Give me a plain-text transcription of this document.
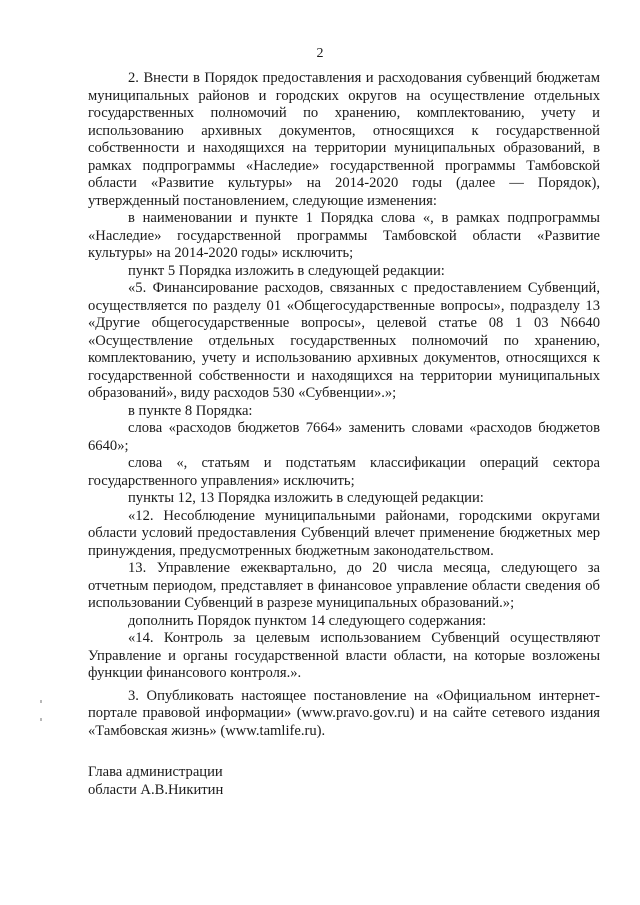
2

2. Внести в Порядок предоставления и расходования субвенций бюджетам муниципальных районов и городских округов на осуществление отдельных государственных полномочий по хранению, комплектованию, учету и использованию архивных документов, относящихся к государственной собственности и находящихся на территории муниципальных образований, в рамках подпрограммы «Наследие» государственной программы Тамбовской области «Развитие культуры» на 2014-2020 годы (далее — Порядок), утвержденный постановлением, следующие изменения:

в наименовании и пункте 1 Порядка слова «, в рамках подпрограммы «Наследие» государственной программы Тамбовской области «Развитие культуры» на 2014-2020 годы» исключить;

пункт 5 Порядка изложить в следующей редакции:

«5. Финансирование расходов, связанных с предоставлением Субвенций, осуществляется по разделу 01 «Общегосударственные вопросы», подразделу 13 «Другие общегосударственные вопросы», целевой статье 08 1 03 N6640 «Осуществление отдельных государственных полномочий по хранению, комплектованию, учету и использованию архивных документов, относящихся к государственной собственности и находящихся на территории муниципальных образований», виду расходов 530 «Субвенции».»;

в пункте 8 Порядка:

слова «расходов бюджетов 7664» заменить словами «расходов бюджетов 6640»;

слова «, статьям и подстатьям классификации операций сектора государственного управления» исключить;

пункты 12, 13 Порядка изложить в следующей редакции:

«12. Несоблюдение муниципальными районами, городскими округами области условий предоставления Субвенций влечет применение бюджетных мер принуждения, предусмотренных бюджетным законодательством.

13. Управление ежеквартально, до 20 числа месяца, следующего за отчетным периодом, представляет в финансовое управление области сведения об использовании Субвенций в разрезе муниципальных образований.»;

дополнить Порядок пунктом 14 следующего содержания:

«14. Контроль за целевым использованием Субвенций осуществляют Управление и органы государственной власти области, на которые возложены функции финансового контроля.».

3. Опубликовать настоящее постановление на «Официальном интернет-портале правовой информации» (www.pravo.gov.ru) и на сайте сетевого издания «Тамбовская жизнь» (www.tamlife.ru).

Глава администрации
области А.В.Никитин
